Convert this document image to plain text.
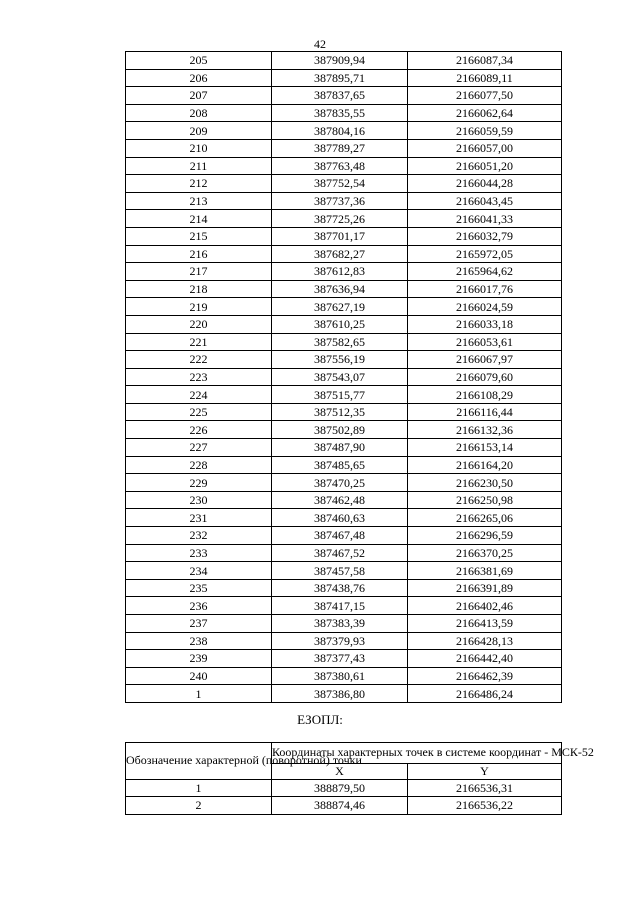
42
205	387909,94	2166087,34
206	387895,71	2166089,11
207	387837,65	2166077,50
208	387835,55	2166062,64
209	387804,16	2166059,59
210	387789,27	2166057,00
211	387763,48	2166051,20
212	387752,54	2166044,28
213	387737,36	2166043,45
214	387725,26	2166041,33
215	387701,17	2166032,79
216	387682,27	2165972,05
217	387612,83	2165964,62
218	387636,94	2166017,76
219	387627,19	2166024,59
220	387610,25	2166033,18
221	387582,65	2166053,61
222	387556,19	2166067,97
223	387543,07	2166079,60
224	387515,77	2166108,29
225	387512,35	2166116,44
226	387502,89	2166132,36
227	387487,90	2166153,14
228	387485,65	2166164,20
229	387470,25	2166230,50
230	387462,48	2166250,98
231	387460,63	2166265,06
232	387467,48	2166296,59
233	387467,52	2166370,25
234	387457,58	2166381,69
235	387438,76	2166391,89
236	387417,15	2166402,46
237	387383,39	2166413,59
238	387379,93	2166428,13
239	387377,43	2166442,40
240	387380,61	2166462,39
1	387386,80	2166486,24
ЕЗОПЛ:
Обозначение характерной (поворотной) точки	Координаты характерных точек в системе координат - МСК-52	
	X	Y
1	388879,50	2166536,31
2	388874,46	2166536,22
